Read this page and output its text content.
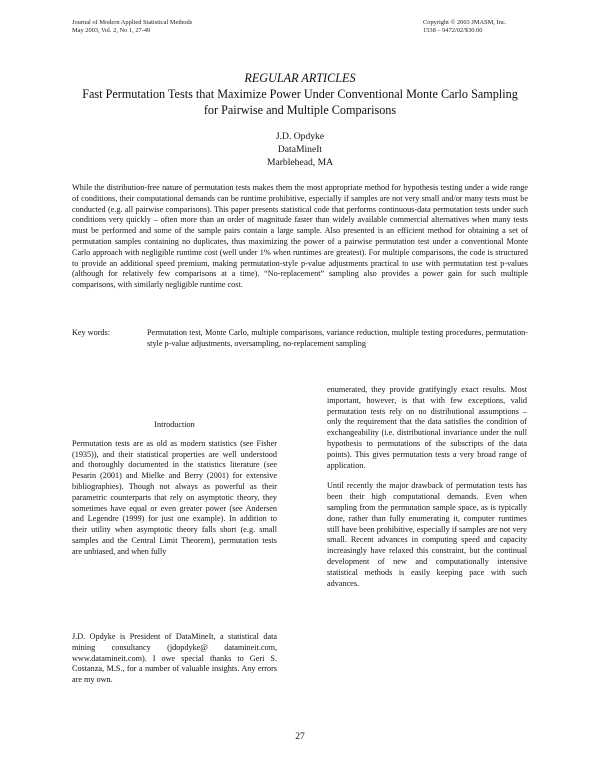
Journal of Modern Applied Statistical Methods
May 2003, Vol. 2, No 1, 27-49
Copyright © 2003 JMASM, Inc.
1538 – 9472/02/$30.00
REGULAR ARTICLES
Fast Permutation Tests that Maximize Power Under Conventional Monte Carlo Sampling for Pairwise and Multiple Comparisons
J.D. Opdyke
DataMineIt
Marblehead, MA
While the distribution-free nature of permutation tests makes them the most appropriate method for hypothesis testing under a wide range of conditions, their computational demands can be runtime prohibitive, especially if samples are not very small and/or many tests must be conducted (e.g. all pairwise comparisons). This paper presents statistical code that performs continuous-data permutation tests under such conditions very quickly – often more than an order of magnitude faster than widely available commercial alternatives when many tests must be performed and some of the sample pairs contain a large sample. Also presented is an efficient method for obtaining a set of permutation samples containing no duplicates, thus maximizing the power of a pairwise permutation test under a conventional Monte Carlo approach with negligible runtime cost (well under 1% when runtimes are greatest). For multiple comparisons, the code is structured to provide an additional speed premium, making permutation-style p-value adjustments practical to use with permutation test p-values (although for relatively few comparisons at a time). “No-replacement” sampling also provides a power gain for such multiple comparisons, with similarly negligible runtime cost.
Key words:	Permutation test, Monte Carlo, multiple comparisons, variance reduction, multiple testing procedures, permutation-style p-value adjustments, oversampling, no-replacement sampling
Introduction

Permutation tests are as old as modern statistics (see Fisher (1935)), and their statistical properties are well understood and thoroughly documented in the statistics literature (see Pesarin (2001) and Mielke and Berry (2001) for extensive bibliographies). Though not always as powerful as their parametric counterparts that rely on asymptotic theory, they sometimes have equal or even greater power (see Andersen and Legendre (1999) for just one example). In addition to their utility when asymptotic theory falls short (e.g. small samples and the Central Limit Theorem), permutation tests are unbiased, and when fully

J.D. Opdyke is President of DataMineIt, a statistical data mining consultancy (jdopdyke@ datamineit.com, www.datamineit.com). I owe special thanks to Geri S. Costanza, M.S., for a number of valuable insights. Any errors are my own.

enumerated, they provide gratifyingly exact results. Most important, however, is that with few exceptions, valid permutation tests rely on no distributional assumptions – only the requirement that the data satisfies the condition of exchangeability (i.e. distributional invariance under the null hypothesis to permutations of the subscripts of the data points). This gives permutation tests a very broad range of application.

Until recently the major drawback of permutation tests has been their high computational demands. Even when sampling from the permutation sample space, as is typically done, rather than fully enumerating it, computer runtimes still have been prohibitive, especially if samples are not very small. Recent advances in computing speed and capacity increasingly have relaxed this constraint, but the continual development of new and computationally intensive statistical methods is easily keeping pace with such advances.

27
